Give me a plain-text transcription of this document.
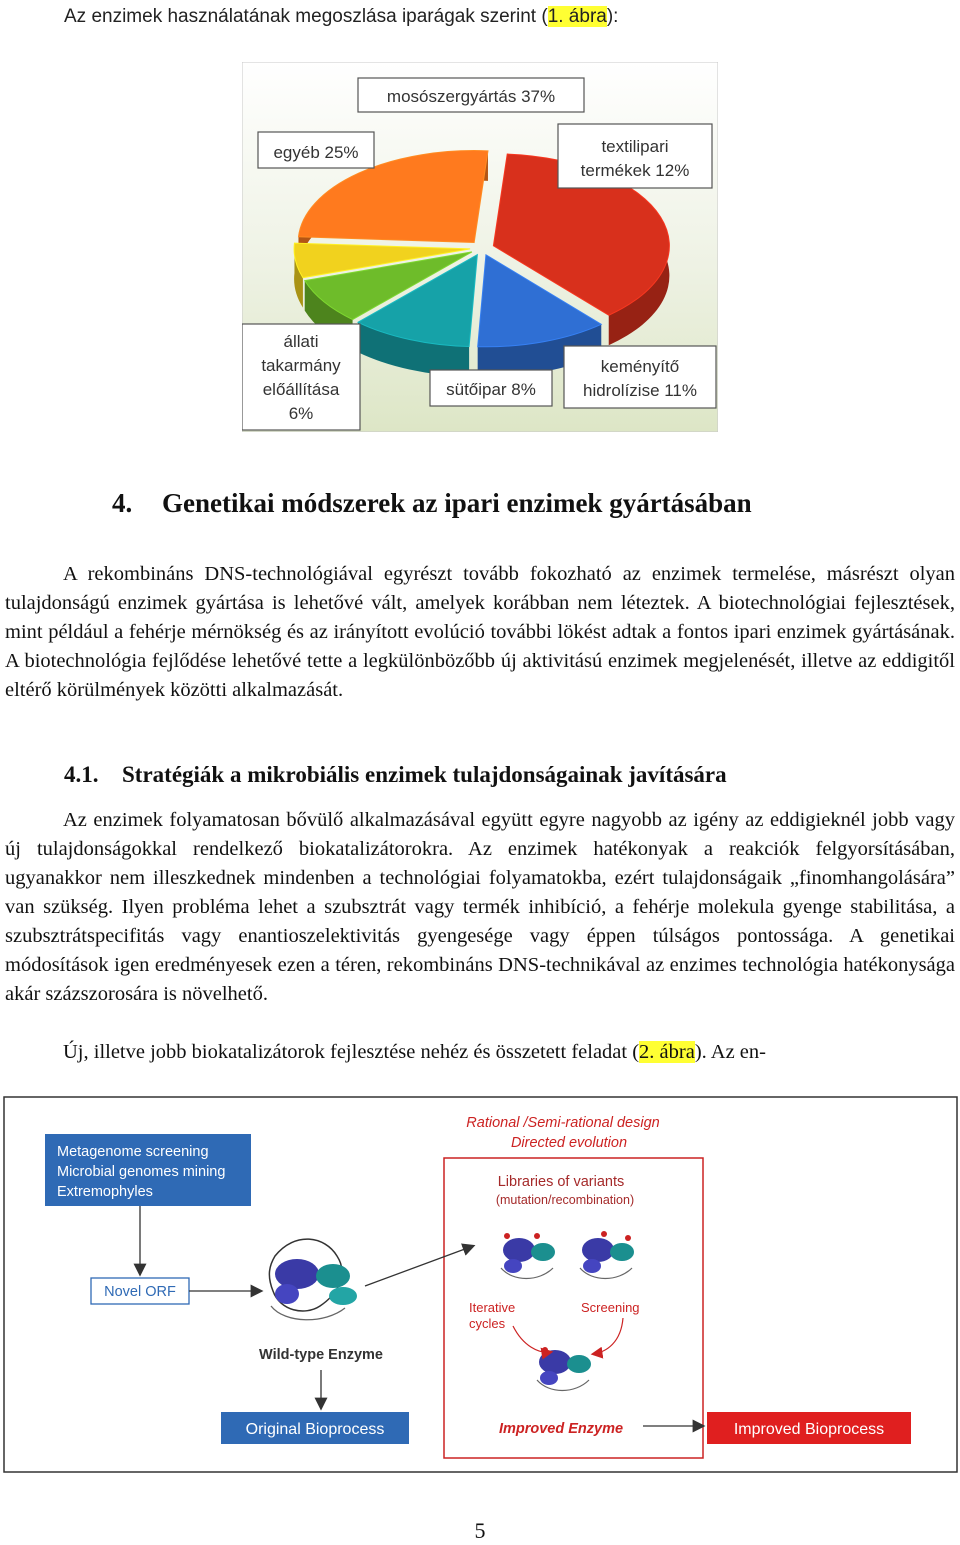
Az enzimek használatának megoszlása iparágak szerint (1. ábra):
mosószergyártás 37%
egyéb 25%	textilipari
termékek 12%
állati
takarmány
előállítása
6%
sütőipar 8%
keményítő
hidrolízise 11%
4. Genetikai módszerek az ipari enzimek gyártásában

A rekombináns DNS-technológiával egyrészt tovább fokozható az enzimek termelése, másrészt olyan tulajdonságú enzimek gyártása is lehetővé vált, amelyek korábban nem léteztek. A biotechnológiai fejlesztések, mint például a fehérje mérnökség és az irányított evolúció további lökést adtak a fontos ipari enzimek gyártásának. A biotechnológia fejlődése lehetővé tette a legkülönbözőbb új aktivitású enzimek megjelenését, illetve az eddigitől eltérő körülmények közötti alkalmazását.

4.1. Stratégiák a mikrobiális enzimek tulajdonságainak javítására

Az enzimek folyamatosan bővülő alkalmazásával együtt egyre nagyobb az igény az eddigieknél jobb vagy új tulajdonságokkal rendelkező biokatalizátorokra. Az enzimek hatékonyak a reakciók felgyorsításában, ugyanakkor nem illeszkednek mindenben a technológiai folyamatokba, ezért tulajdonságaik „finomhangolására” van szükség. Ilyen probléma lehet a szubsztrát vagy termék inhibíció, a fehérje molekula gyenge stabilitása, a szubsztrátspecifitás vagy enantioszelektivitás gyengesége vagy éppen túlságos pontossága. A genetikai módosítások igen eredményesek ezen a téren, rekombináns DNS-technikával az enzimes technológia hatékonysága akár százszorosára is növelhető.

Új, illetve jobb biokatalizátorok fejlesztése nehéz és összetett feladat (2. ábra). Az en-

Metagenome screening
Microbial genomes mining
Extremophyles
Rational /Semi-rational design
Directed evolution
Libraries of variants
(mutation/recombination)
Novel ORF
Wild-type Enzyme
Iterative
cycles
Screening
Improved Enzyme
Original Bioprocess	Improved Bioprocess
5
